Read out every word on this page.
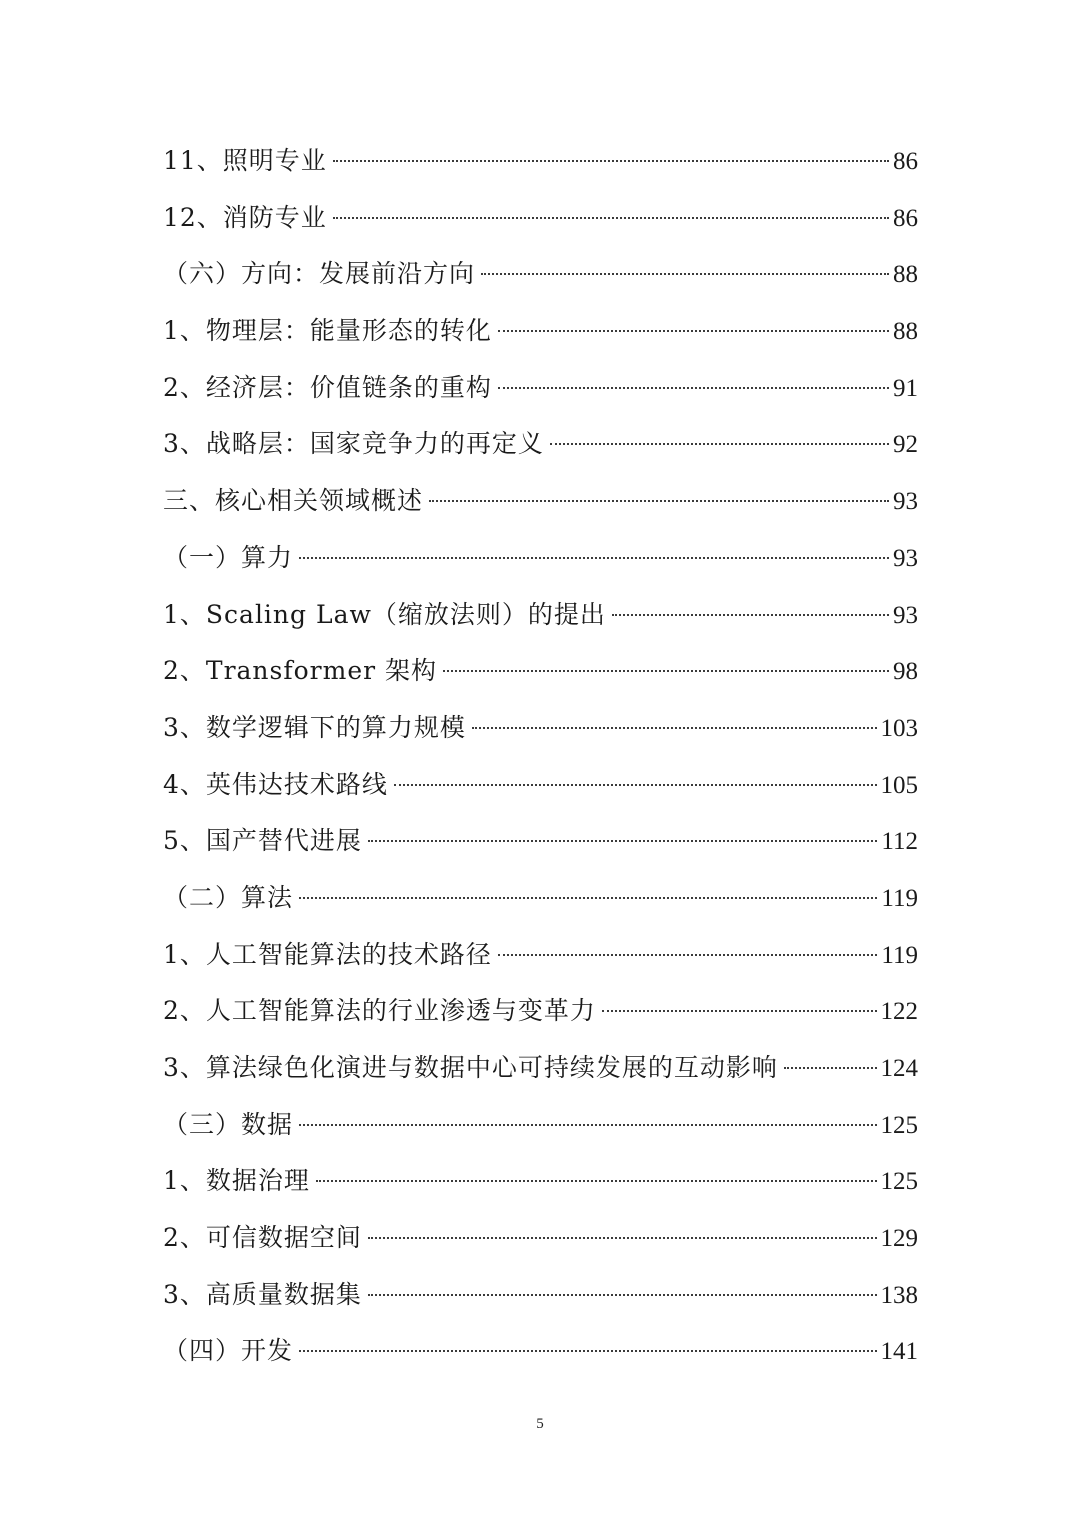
11、照明专业	86
12、消防专业	86
（六）方向：发展前沿方向	88
1、物理层：能量形态的转化	88
2、经济层：价值链条的重构	91
3、战略层：国家竞争力的再定义	92
三、核心相关领域概述	93
（一）算力	93
1、Scaling Law（缩放法则）的提出	93
2、Transformer 架构	98
3、数学逻辑下的算力规模	103
4、英伟达技术路线	105
5、国产替代进展	112
（二）算法	119
1、人工智能算法的技术路径	119
2、人工智能算法的行业渗透与变革力	122
3、算法绿色化演进与数据中心可持续发展的互动影响	124
（三）数据	125
1、数据治理	125
2、可信数据空间	129
3、高质量数据集	138
（四）开发	141
5
